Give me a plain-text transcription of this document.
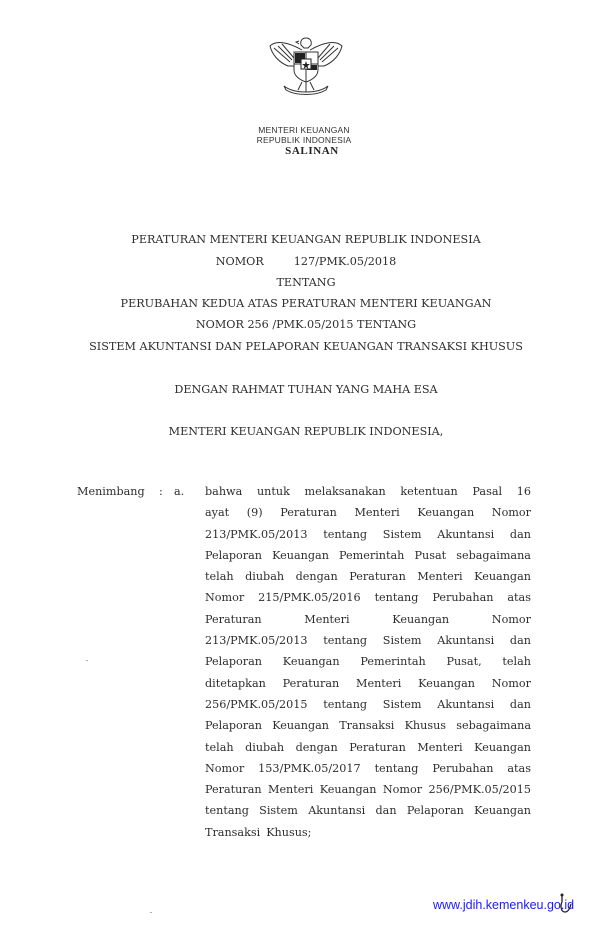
MENTERI KEUANGAN
REPUBLIK INDONESIA
SALINAN
PERATURAN MENTERI KEUANGAN REPUBLIK INDONESIA
NOMOR	127/PMK.05/2018
TENTANG
PERUBAHAN KEDUA ATAS PERATURAN MENTERI KEUANGAN
NOMOR 256 /PMK.05/2015 TENTANG
SISTEM AKUNTANSI DAN PELAPORAN KEUANGAN TRANSAKSI KHUSUS
DENGAN RAHMAT TUHAN YANG MAHA ESA
MENTERI KEUANGAN REPUBLIK INDONESIA,
Menimbang : a. bahwa untuk melaksanakan ketentuan Pasal 16
ayat (9) Peraturan Menteri Keuangan Nomor
213/PMK.05/2013 tentang Sistem Akuntansi dan
Pelaporan Keuangan Pemerintah Pusat sebagaimana
telah diubah dengan Peraturan Menteri Keuangan
Nomor 215/PMK.05/2016 tentang Perubahan atas
Peraturan	Menteri	Keuangan	Nomor
213/PMK.05/2013 tentang Sistem Akuntansi dan
Pelaporan Keuangan Pemerintah Pusat, telah
ditetapkan Peraturan Menteri Keuangan Nomor
256/PMK.05/2015 tentang Sistem Akuntansi dan
Pelaporan Keuangan Transaksi Khusus sebagaimana
telah diubah dengan Peraturan Menteri Keuangan
Nomor 153/PMK.05/2017 tentang Perubahan atas
Peraturan Menteri Keuangan Nomor 256/PMK.05/2015
tentang Sistem Akuntansi dan Pelaporan Keuangan
Transaksi Khusus;
www.jdih.kemenkeu.go.id
